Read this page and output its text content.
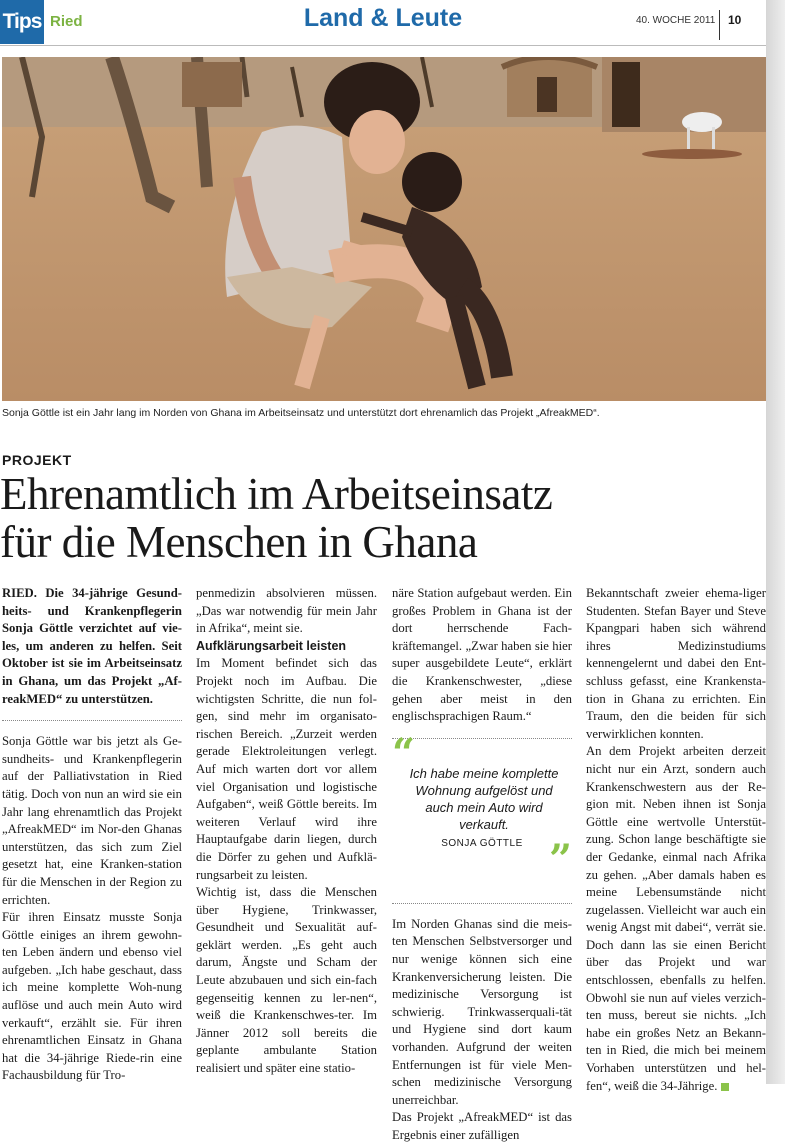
Tips Ried	Land & Leute	40. WOCHE 2011 10
Sonja Göttle ist ein Jahr lang im Norden von Ghana im Arbeitseinsatz und unterstützt dort ehrenamlich das Projekt „AfreakMED“.
PROJEKT
Ehrenamtlich im Arbeitseinsatz
für die Menschen in Ghana

RIED. Die 34-jährige Gesund-heits- und Krankenpflegerin Sonja Göttle verzichtet auf vie-les, um anderen zu helfen. Seit Oktober ist sie im Arbeitseinsatz in Ghana, um das Projekt „Af-reakMED“ zu unterstützen.

Sonja Göttle war bis jetzt als Ge-sundheits- und Krankenpflegerin auf der Palliativstation in Ried tätig. Doch von nun an wird sie ein Jahr lang ehrenamtlich das Projekt „AfreakMED“ im Nor-den Ghanas unterstützen, das sich zum Ziel gesetzt hat, eine Kranken-station für die Menschen in der Region zu errichten.

Für ihren Einsatz musste Sonja Göttle einiges an ihrem gewohn-ten Leben ändern und ebenso viel aufgeben. „Ich habe geschaut, dass ich meine komplette Woh-nung auflöse und auch mein Auto wird verkauft“, erzählt sie. Für ihren ehrenamtlichen Einsatz in Ghana hat die 34-jährige Riede-rin eine Fachausbildung für Tro-

penmedizin absolvieren müssen. „Das war notwendig für mein Jahr in Afrika“, meint sie.

Aufklärungsarbeit leisten

Im Moment befindet sich das Projekt noch im Aufbau. Die wichtigsten Schritte, die nun fol-gen, sind mehr im organisato-rischen Bereich. „Zurzeit werden gerade Elektroleitungen verlegt. Auf mich warten dort vor allem viel Organisation und logistische Aufgaben“, weiß Göttle bereits. Im weiteren Verlauf wird ihre Hauptaufgabe darin liegen, durch die Dörfer zu gehen und Aufklä-rungsarbeit zu leisten.

Wichtig ist, dass die Menschen über Hygiene, Trinkwasser, Gesundheit und Sexualität auf-geklärt werden. „Es geht auch darum, Ängste und Scham der Leute abzubauen und sich ein-fach gegenseitig kennen zu ler-nen“, weiß die Krankenschwes-ter. Im Jänner 2012 soll bereits die geplante ambulante Station realisiert und später eine statio-

näre Station aufgebaut werden. Ein großes Problem in Ghana ist der dort herrschende Fach-kräftemangel. „Zwar haben sie hier super ausgebildete Leute“, erklärt die Krankenschwester, „diese gehen aber meist in den englischsprachigen Raum.“

“
Ich habe meine komplette Wohnung aufgelöst und auch mein Auto wird verkauft.
SONJA GÖTTLE ”

Im Norden Ghanas sind die meis-ten Menschen Selbstversorger und nur wenige können sich eine Krankenversicherung leisten. Die medizinische Versorgung ist schwierig. Trinkwasserquali-tät und Hygiene sind dort kaum vorhanden. Aufgrund der weiten Entfernungen ist für viele Men-schen medizinische Versorgung unerreichbar.

Das Projekt „AfreakMED“ ist das Ergebnis einer zufälligen

Bekanntschaft zweier ehema-liger Studenten. Stefan Bayer und Steve Kpangpari haben sich während ihres Medizinstudiums kennengelernt und dabei den Ent-schluss gefasst, eine Krankensta-tion in Ghana zu errichten. Ein Traum, den die beiden für sich verwirklichen konnten.

An dem Projekt arbeiten derzeit nicht nur ein Arzt, sondern auch Krankenschwestern aus der Re-gion mit. Neben ihnen ist Sonja Göttle eine wertvolle Unterstüt-zung. Schon lange beschäftigte sie der Gedanke, einmal nach Afrika zu gehen. „Aber damals haben es meine Lebensumstände nicht zugelassen. Vielleicht war auch ein wenig Angst mit dabei“, verrät sie. Doch dann las sie einen Bericht über das Projekt und war entschlossen, ebenfalls zu helfen. Obwohl sie nun auf vieles verzich-ten muss, bereut sie nichts. „Ich habe ein großes Netz an Bekann-ten in Ried, die mich bei meinem Vorhaben unterstützen und hel-fen“, weiß die 34-Jährige.
